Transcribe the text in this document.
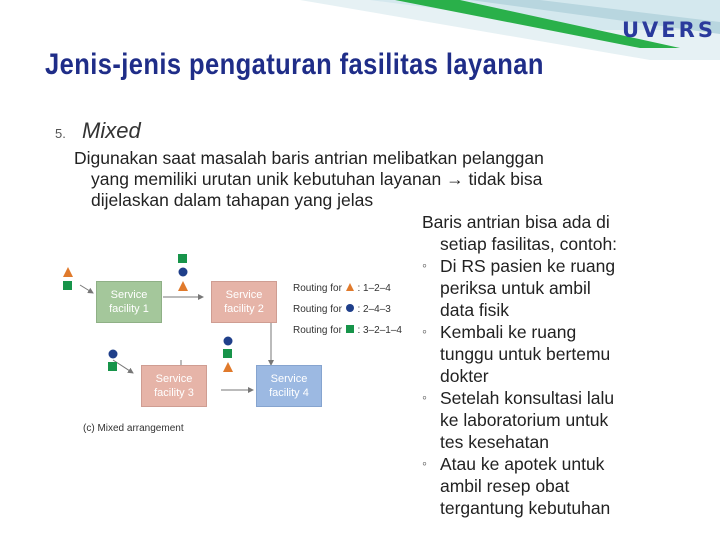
UVERS
Jenis-jenis pengaturan fasilitas layanan
5. Mixed
Digunakan saat masalah baris antrian melibatkan pelanggan
yang memiliki urutan unik kebutuhan layanan → tidak bisa
dijelaskan dalam tahapan yang jelas
Service
facility 1
Service
facility 2
Service
facility 3
Service
facility 4
Routing for : 1–2–4
Routing for : 2–4–3
Routing for : 3–2–1–4
(c) Mixed arrangement
Baris antrian bisa ada di
setiap fasilitas, contoh:
◦ Di RS pasien ke ruang
periksa untuk ambil
data fisik
◦ Kembali ke ruang
tunggu untuk bertemu
dokter
◦ Setelah konsultasi lalu
ke laboratorium untuk
tes kesehatan
◦ Atau ke apotek untuk
ambil resep obat
tergantung kebutuhan
